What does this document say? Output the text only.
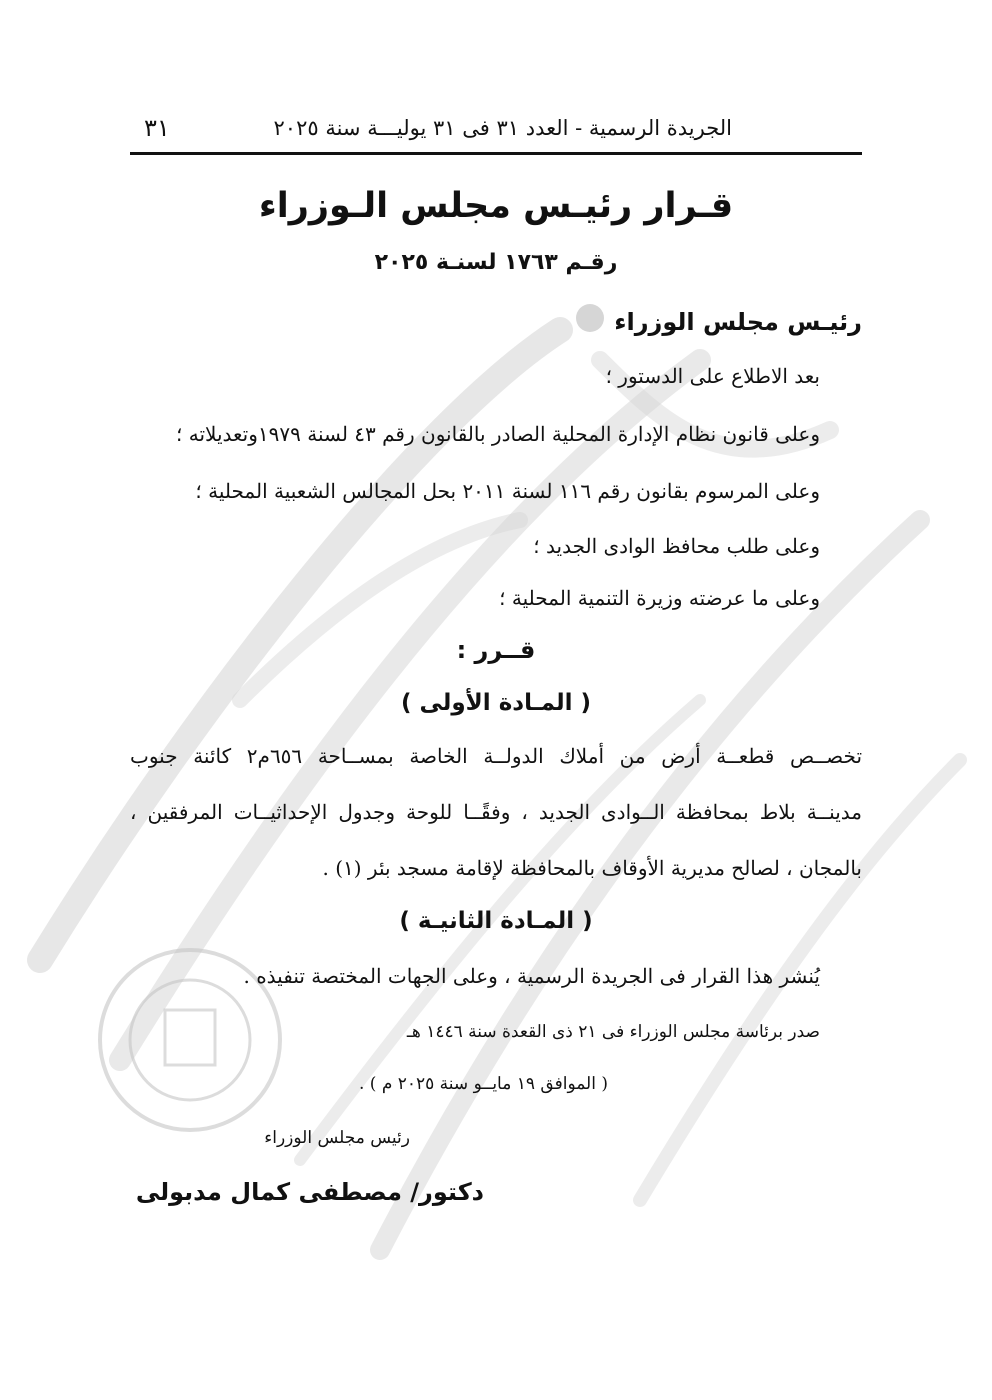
الجريدة الرسمية - العدد ٣١ فى ٣١ يوليـــة سنة ٢٠٢٥
٣١
قـرار رئيـس مجلس الـوزراء
رقـم ١٧٦٣ لسنـة ٢٠٢٥
رئيـس مجلس الوزراء
بعد الاطلاع على الدستور ؛
وعلى قانون نظام الإدارة المحلية الصادر بالقانون رقم ٤٣ لسنة ١٩٧٩وتعديلاته ؛
وعلى المرسوم بقانون رقم ١١٦ لسنة ٢٠١١ بحل المجالس الشعبية المحلية ؛
وعلى طلب محافظ الوادى الجديد ؛
وعلى ما عرضته وزيرة التنمية المحلية ؛
قــرر :
( المـادة الأولى )
تخصــص قطعــة أرض من أملاك الدولــة الخاصة بمســاحة ٦٥٦م٢ كائنة جنوب
مدينــة بلاط بمحافظة الــوادى الجديد ، وفقًــا للوحة وجدول الإحداثيــات المرفقين ،
بالمجان ، لصالح مديرية الأوقاف بالمحافظة لإقامة مسجد بئر (١) .
( المـادة الثانيـة )
يُنشر هذا القرار فى الجريدة الرسمية ، وعلى الجهات المختصة تنفيذه .
صدر برئاسة مجلس الوزراء فى ٢١ ذى القعدة سنة ١٤٤٦ هـ
( الموافق ١٩ مايــو سنة ٢٠٢٥ م ) .
رئيس مجلس الوزراء
دكتور/ مصطفى كمال مدبولى
